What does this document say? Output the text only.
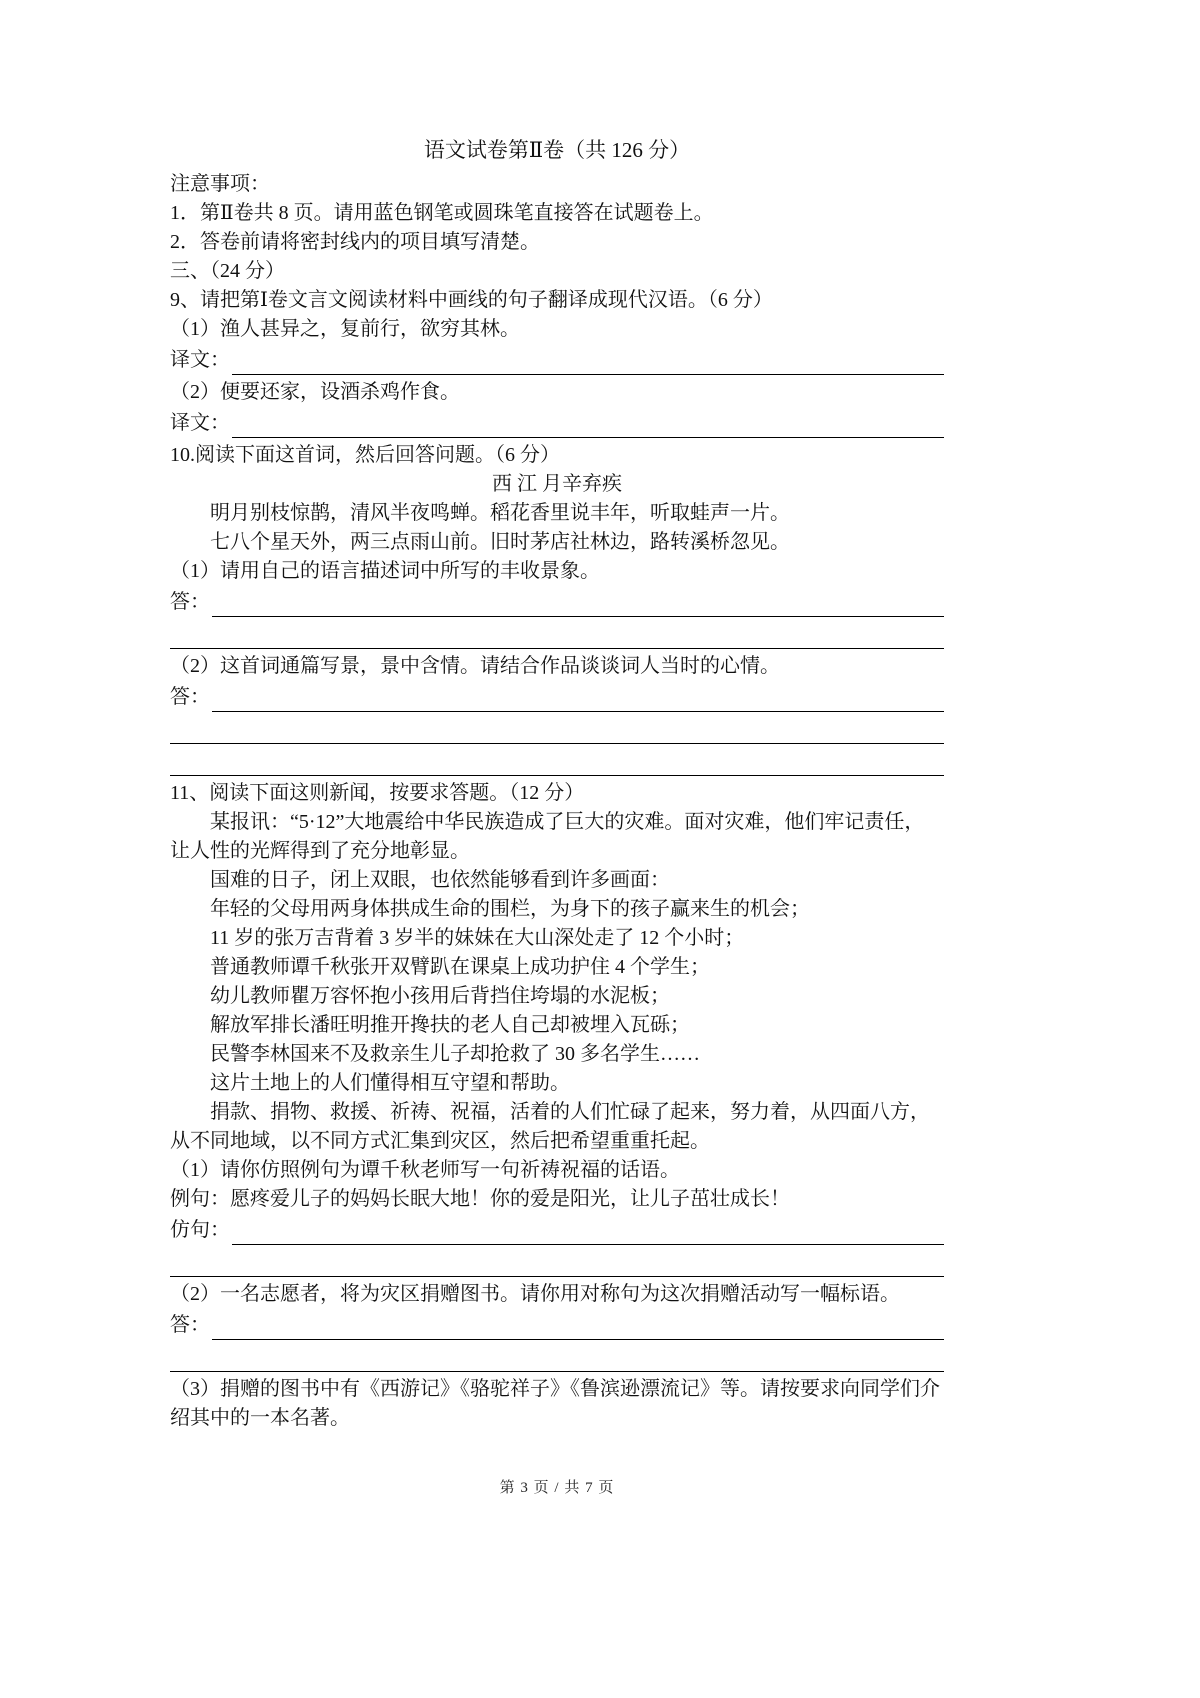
语文试卷第Ⅱ卷（共 126 分）
注意事项：
1．第Ⅱ卷共 8 页。请用蓝色钢笔或圆珠笔直接答在试题卷上。
2．答卷前请将密封线内的项目填写清楚。
三、（24 分）
9、请把第Ⅰ卷文言文阅读材料中画线的句子翻译成现代汉语。（6 分）
（1）渔人甚异之，复前行，欲穷其林。
译文：
（2）便要还家，设酒杀鸡作食。
译文：
10.阅读下面这首词，然后回答问题。（6 分）
西 江 月辛弃疾
明月别枝惊鹊，清风半夜鸣蝉。稻花香里说丰年，听取蛙声一片。
七八个星天外，两三点雨山前。旧时茅店社林边，路转溪桥忽见。
（1）请用自己的语言描述词中所写的丰收景象。
答：
（2）这首词通篇写景，景中含情。请结合作品谈谈词人当时的心情。
答：
11、阅读下面这则新闻，按要求答题。（12 分）
某报讯：“5·12”大地震给中华民族造成了巨大的灾难。面对灾难，他们牢记责任，让人性的光辉得到了充分地彰显。
国难的日子，闭上双眼，也依然能够看到许多画面：
年轻的父母用两身体拱成生命的围栏，为身下的孩子赢来生的机会；
11 岁的张万吉背着 3 岁半的妹妹在大山深处走了 12 个小时；
普通教师谭千秋张开双臂趴在课桌上成功护住 4 个学生；
幼儿教师瞿万容怀抱小孩用后背挡住垮塌的水泥板；
解放军排长潘旺明推开搀扶的老人自己却被埋入瓦砾；
民警李林国来不及救亲生儿子却抢救了 30 多名学生……
这片土地上的人们懂得相互守望和帮助。
捐款、捐物、救援、祈祷、祝福，活着的人们忙碌了起来，努力着，从四面八方，从不同地域，以不同方式汇集到灾区，然后把希望重重托起。
（1）请你仿照例句为谭千秋老师写一句祈祷祝福的话语。
例句：愿疼爱儿子的妈妈长眠大地！你的爱是阳光，让儿子茁壮成长！
仿句：
（2）一名志愿者，将为灾区捐赠图书。请你用对称句为这次捐赠活动写一幅标语。
答：
（3）捐赠的图书中有《西游记》《骆驼祥子》《鲁滨逊漂流记》等。请按要求向同学们介绍其中的一本名著。
第 3 页 / 共 7 页
